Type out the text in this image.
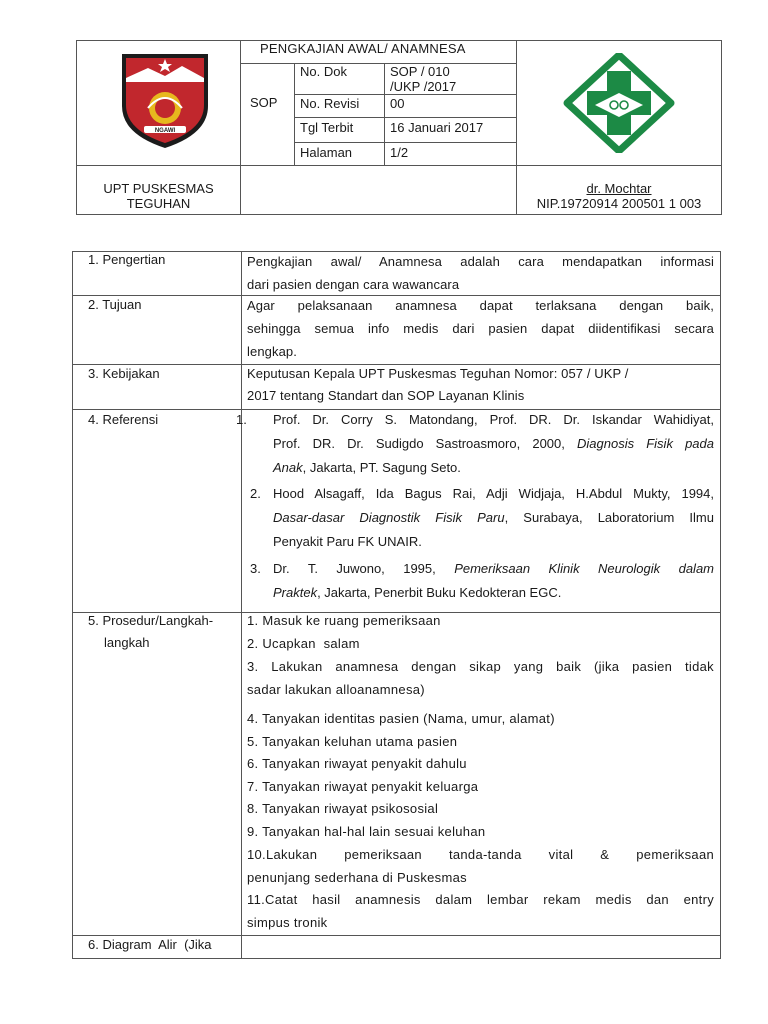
NGAWI
PENGKAJIAN AWAL/ ANAMNESA
SOP
No. Dok	SOP / 010
/UKP /2017
No. Revisi 00
Tgl Terbit	16 Januari 2017
Halaman	1/2
UPT PUSKESMAS
TEGUHAN
dr. Mochtar
NIP.19720914 200501 1 003
1. Pengertian	Pengkajian awal/ Anamnesa adalah cara mendapatkan informasi

dari pasien dengan cara wawancara

2. Tujuan	Agar pelaksanaan anamnesa dapat terlaksana dengan baik,

sehingga semua info medis dari pasien dapat diidentifikasi secara

lengkap.

3. Kebijakan	Keputusan Kepala UPT Puskesmas Teguhan Nomor: 057 / UKP /

2017 tentang Standart dan SOP Layanan Klinis

4. Referensi	1. Prof. Dr. Corry S. Matondang, Prof. DR. Dr. Iskandar Wahidiyat,
Prof. DR. Dr. Sudigdo Sastroasmoro, 2000, Diagnosis Fisik pada
Anak, Jakarta, PT. Sagung Seto.
2. Hood Alsagaff, Ida Bagus Rai, Adji Widjaja, H.Abdul Mukty, 1994,
Dasar-dasar Diagnostik Fisik Paru, Surabaya, Laboratorium Ilmu
Penyakit Paru FK UNAIR.
3. Dr. T. Juwono, 1995, Pemeriksaan Klinik Neurologik dalam
Praktek, Jakarta, Penerbit Buku Kedokteran EGC.
5. Prosedur/Langkah-
langkah
1. Masuk ke ruang pemeriksaan
2. Ucapkan  salam
3. Lakukan anamnesa dengan sikap yang baik (jika pasien tidak
sadar lakukan alloanamnesa)
4. Tanyakan identitas pasien (Nama, umur, alamat)
5. Tanyakan keluhan utama pasien
6. Tanyakan riwayat penyakit dahulu
7. Tanyakan riwayat penyakit keluarga
8. Tanyakan riwayat psikososial
9. Tanyakan hal-hal lain sesuai keluhan
10.Lakukan pemeriksaan tanda-tanda vital & pemeriksaan
penunjang sederhana di Puskesmas
11.Catat hasil anamnesis dalam lembar rekam medis dan entry
simpus tronik
6. Diagram  Alir  (Jika
